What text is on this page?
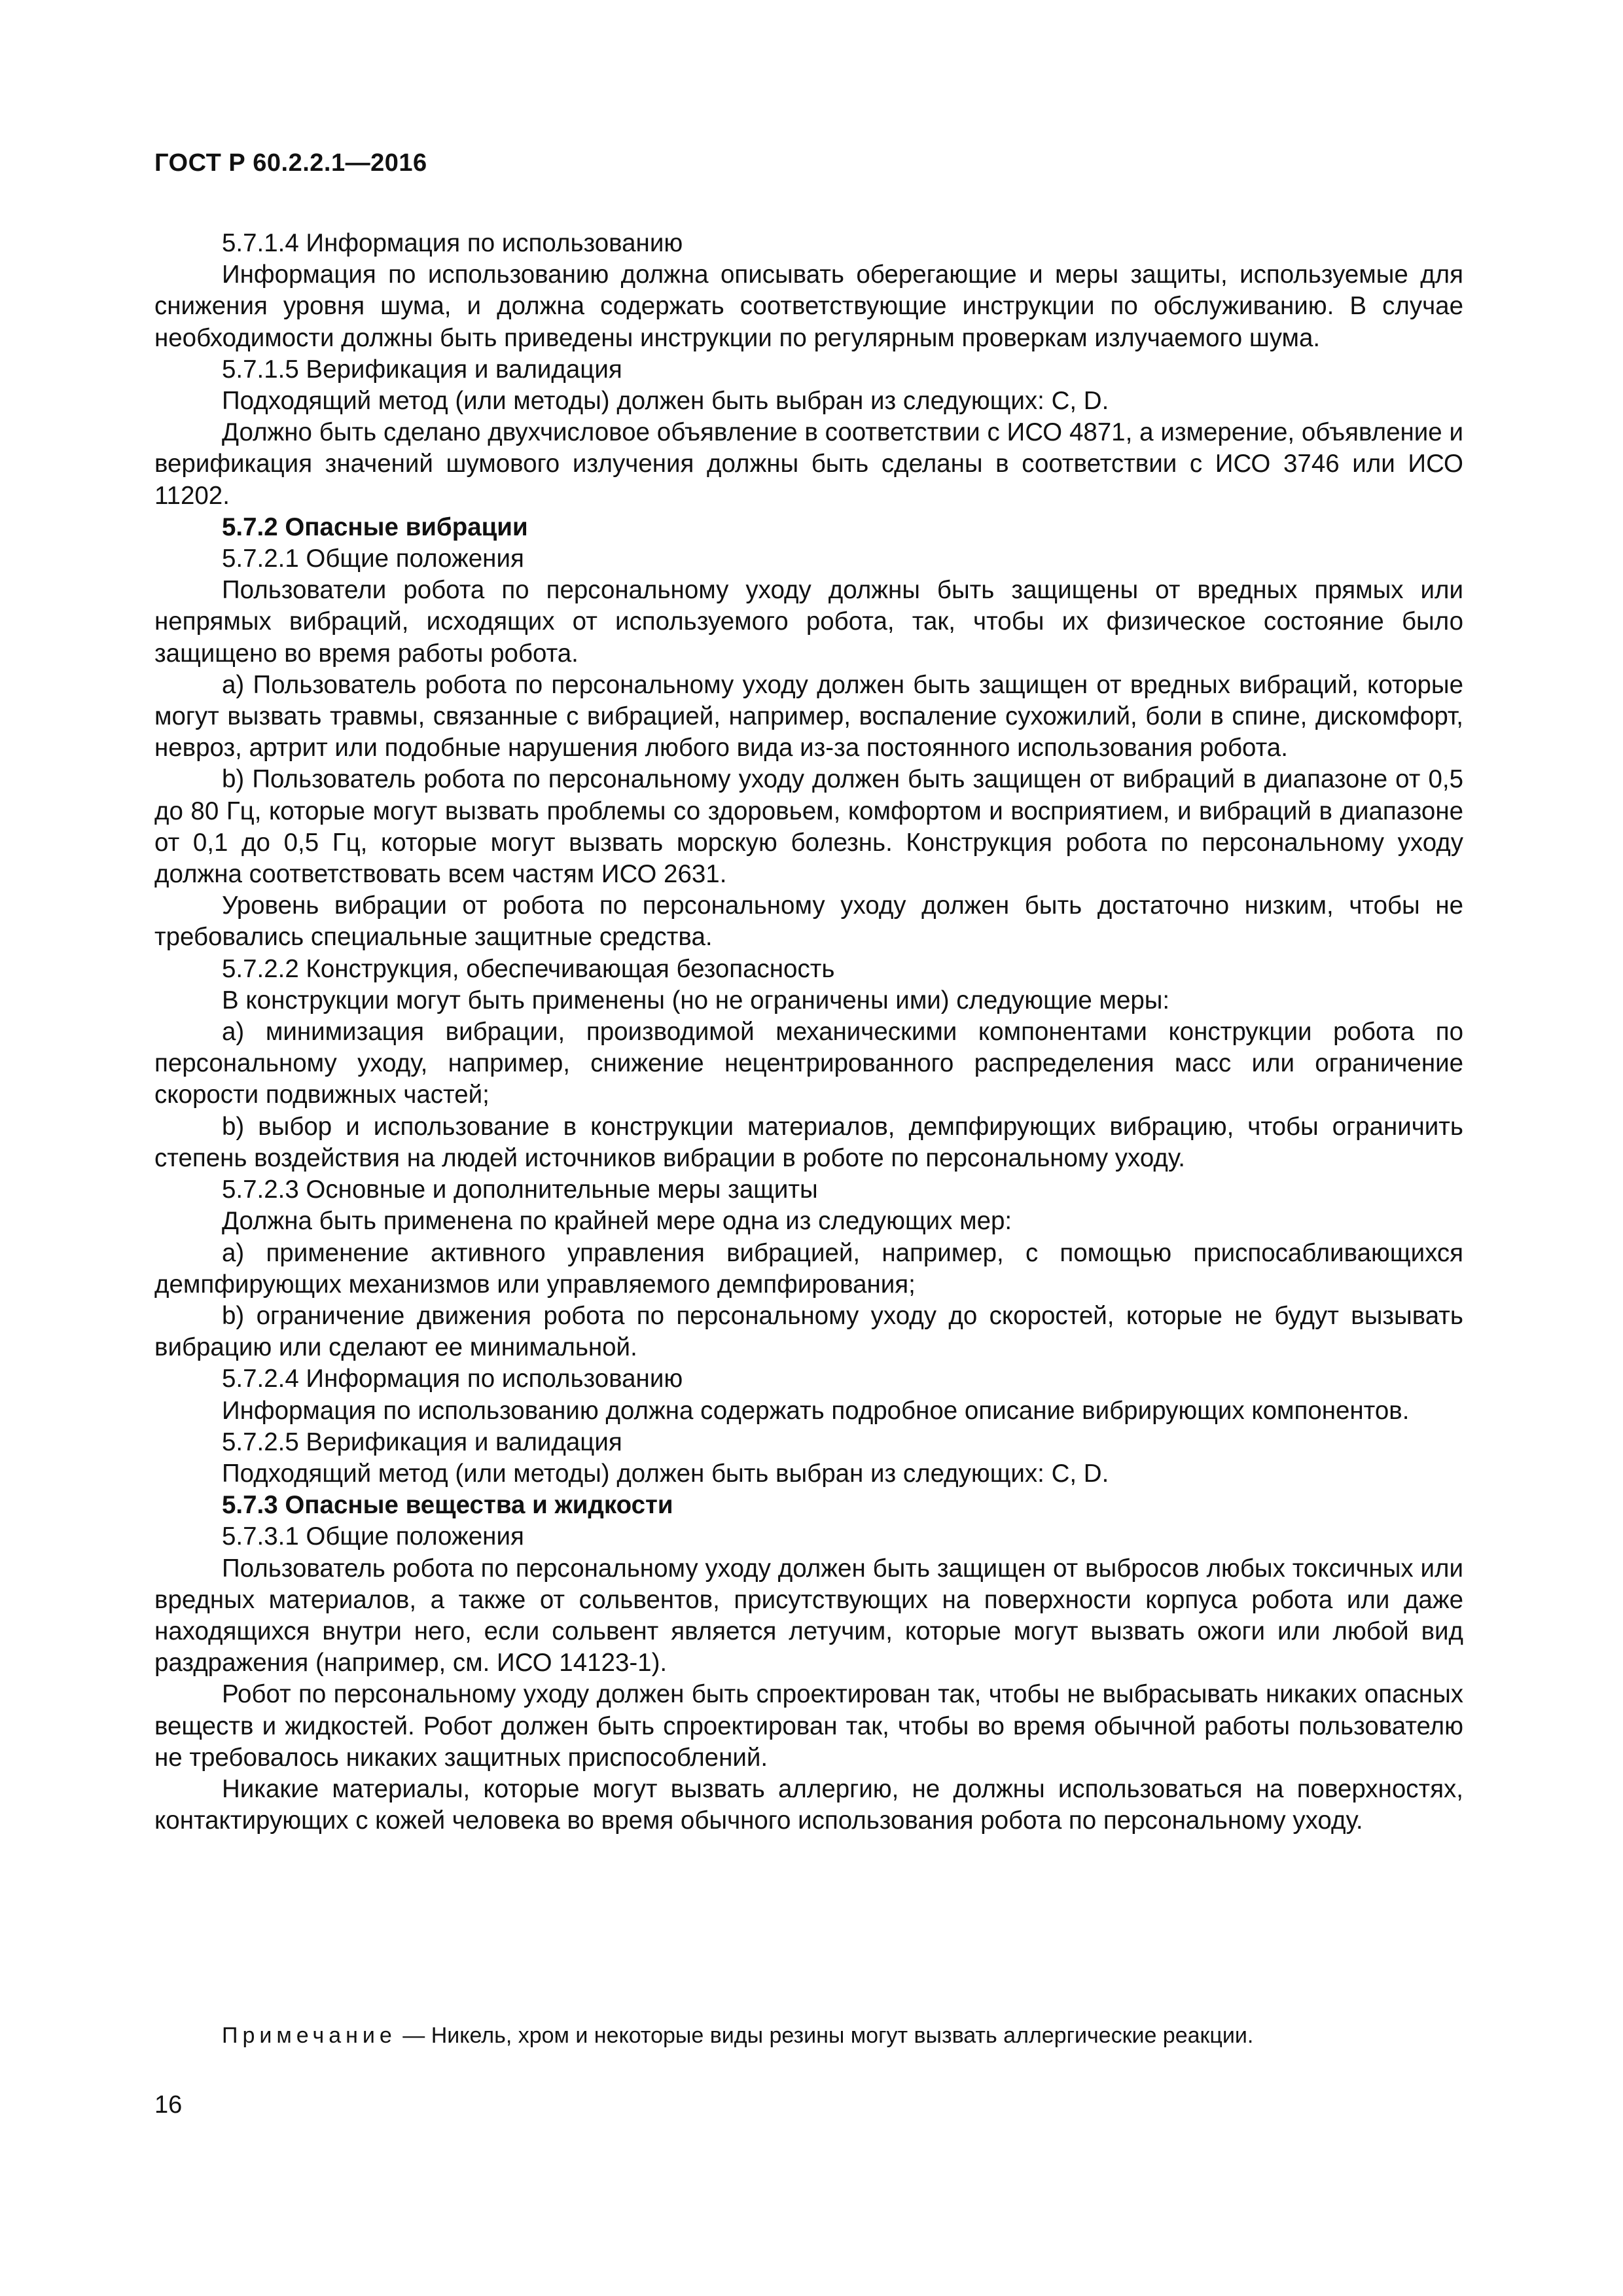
ГОСТ Р 60.2.2.1—2016

5.7.1.4 Информация по использованию

Информация по использованию должна описывать оберегающие и меры защиты, используемые для снижения уровня шума, и должна содержать соответствующие инструкции по обслуживанию. В случае необходимости должны быть приведены инструкции по регулярным проверкам излучаемого шума.

5.7.1.5 Верификация и валидация

Подходящий метод (или методы) должен быть выбран из следующих: С, D.

Должно быть сделано двухчисловое объявление в соответствии с ИСО 4871, а измерение, объявление и верификация значений шумового излучения должны быть сделаны в соответствии с ИСО 3746 или ИСО 11202.

5.7.2 Опасные вибрации

5.7.2.1 Общие положения

Пользователи робота по персональному уходу должны быть защищены от вредных прямых или непрямых вибраций, исходящих от используемого робота, так, чтобы их физическое состояние было защищено во время работы робота.

a) Пользователь робота по персональному уходу должен быть защищен от вредных вибраций, которые могут вызвать травмы, связанные с вибрацией, например, воспаление сухожилий, боли в спине, дискомфорт, невроз, артрит или подобные нарушения любого вида из-за постоянного использования робота.

b) Пользователь робота по персональному уходу должен быть защищен от вибраций в диапазоне от 0,5 до 80 Гц, которые могут вызвать проблемы со здоровьем, комфортом и восприятием, и вибраций в диапазоне от 0,1 до 0,5 Гц, которые могут вызвать морскую болезнь. Конструкция робота по персональному уходу должна соответствовать всем частям ИСО 2631.

Уровень вибрации от робота по персональному уходу должен быть достаточно низким, чтобы не требовались специальные защитные средства.

5.7.2.2 Конструкция, обеспечивающая безопасность

В конструкции могут быть применены (но не ограничены ими) следующие меры:

a) минимизация вибрации, производимой механическими компонентами конструкции робота по персональному уходу, например, снижение нецентрированного распределения масс или ограничение скорости подвижных частей;

b) выбор и использование в конструкции материалов, демпфирующих вибрацию, чтобы ограничить степень воздействия на людей источников вибрации в роботе по персональному уходу.

5.7.2.3 Основные и дополнительные меры защиты

Должна быть применена по крайней мере одна из следующих мер:

a) применение активного управления вибрацией, например, с помощью приспосабливающихся демпфирующих механизмов или управляемого демпфирования;

b) ограничение движения робота по персональному уходу до скоростей, которые не будут вызывать вибрацию или сделают ее минимальной.

5.7.2.4 Информация по использованию

Информация по использованию должна содержать подробное описание вибрирующих компонентов.

5.7.2.5 Верификация и валидация

Подходящий метод (или методы) должен быть выбран из следующих: С, D.

5.7.3 Опасные вещества и жидкости

5.7.3.1 Общие положения

Пользователь робота по персональному уходу должен быть защищен от выбросов любых токсичных или вредных материалов, а также от сольвентов, присутствующих на поверхности корпуса робота или даже находящихся внутри него, если сольвент является летучим, которые могут вызвать ожоги или любой вид раздражения (например, см. ИСО 14123-1).

Робот по персональному уходу должен быть спроектирован так, чтобы не выбрасывать никаких опасных веществ и жидкостей. Робот должен быть спроектирован так, чтобы во время обычной работы пользователю не требовалось никаких защитных приспособлений.

Никакие материалы, которые могут вызвать аллергию, не должны использоваться на поверхностях, контактирующих с кожей человека во время обычного использования робота по персональному уходу.

Примечание — Никель, хром и некоторые виды резины могут вызвать аллергические реакции.
16
